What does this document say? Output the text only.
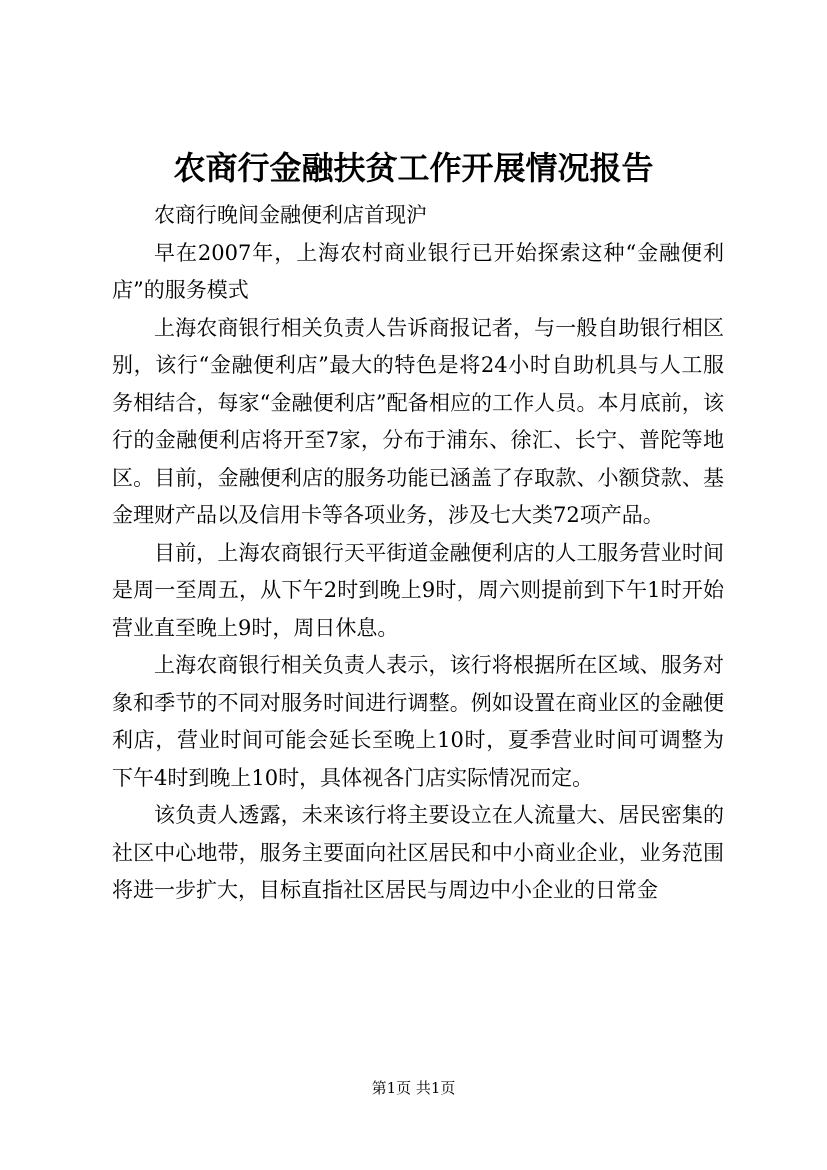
农商行金融扶贫工作开展情况报告

农商行晚间金融便利店首现沪

早在2007年，上海农村商业银行已开始探索这种“金融便利店”的服务模式

上海农商银行相关负责人告诉商报记者，与一般自助银行相区别，该行“金融便利店”最大的特色是将24小时自助机具与人工服务相结合，每家“金融便利店”配备相应的工作人员。本月底前，该行的金融便利店将开至7家，分布于浦东、徐汇、长宁、普陀等地区。目前，金融便利店的服务功能已涵盖了存取款、小额贷款、基金理财产品以及信用卡等各项业务，涉及七大类72项产品。

目前，上海农商银行天平街道金融便利店的人工服务营业时间是周一至周五，从下午2时到晚上9时，周六则提前到下午1时开始营业直至晚上9时，周日休息。

上海农商银行相关负责人表示，该行将根据所在区域、服务对象和季节的不同对服务时间进行调整。例如设置在商业区的金融便利店，营业时间可能会延长至晚上10时，夏季营业时间可调整为下午4时到晚上10时，具体视各门店实际情况而定。

该负责人透露，未来该行将主要设立在人流量大、居民密集的社区中心地带，服务主要面向社区居民和中小商业企业，业务范围将进一步扩大，目标直指社区居民与周边中小企业的日常金

第1页 共1页
